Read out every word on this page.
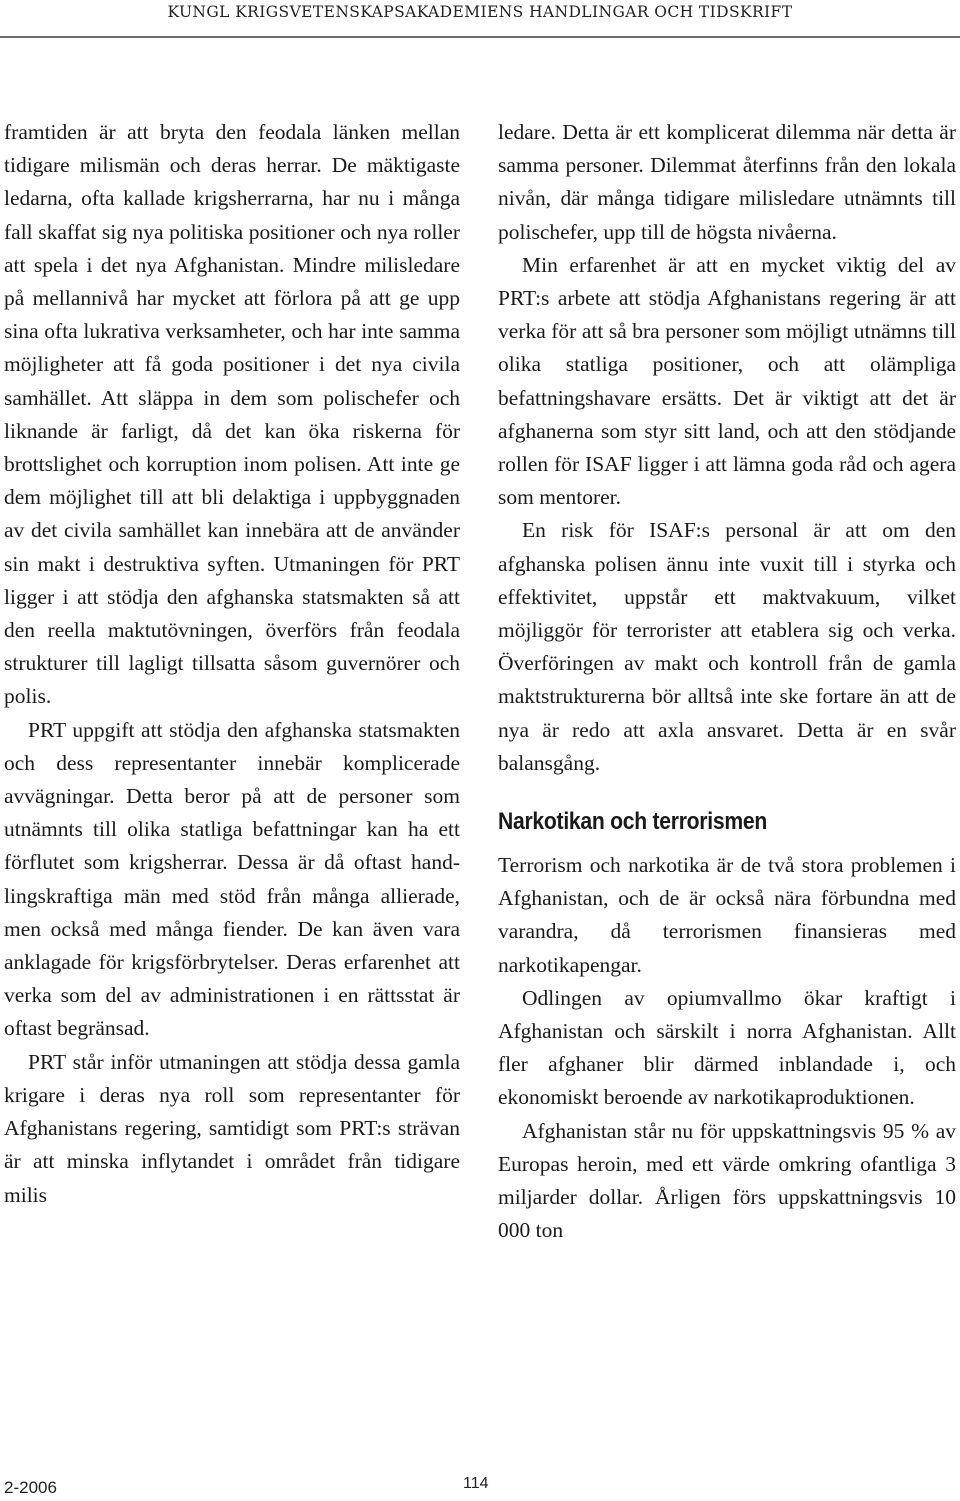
KUNGL KRIGSVETENSKAPSAKADEMIENS HANDLINGAR OCH TIDSKRIFT

framtiden är att bryta den feodala länken mellan tidigare milismän och deras herrar. De mäktigaste ledarna, ofta kallade krigsherrarna, har nu i många fall skaffat sig nya politiska positioner och nya roller att spela i det nya Afghanistan. Mindre milisledare på mellannivå har mycket att förlora på att ge upp sina ofta lukrativa verksamheter, och har inte samma möjligheter att få goda positioner i det nya civila samhället. Att släppa in dem som polischefer och liknande är farligt, då det kan öka riskerna för brottslighet och korruption inom polisen. Att inte ge dem möjlighet till att bli delaktiga i uppbyggnaden av det civila samhället kan innebära att de använder sin makt i destruktiva syften. Utmaningen för PRT ligger i att stödja den afghanska statsmakten så att den reella maktutövningen, överförs från feodala strukturer till lagligt tillsatta såsom guvernörer och polis.

PRT uppgift att stödja den afghanska statsmakten och dess representanter innebär komplicerade avvägningar. Detta beror på att de personer som utnämnts till olika statliga befattningar kan ha ett förflutet som krigsherrar. Dessa är då oftast handlingskraftiga män med stöd från många allierade, men också med många fiender. De kan även vara anklagade för krigsförbrytelser. Deras erfarenhet att verka som del av administrationen i en rättsstat är oftast begränsad.

PRT står inför utmaningen att stödja dessa gamla krigare i deras nya roll som representanter för Afghanistans regering, samtidigt som PRT:s strävan är att minska inflytandet i området från tidigare milis

ledare. Detta är ett komplicerat dilemma när detta är samma personer. Dilemmat återfinns från den lokala nivån, där många tidigare milisledare utnämnts till polischefer, upp till de högsta nivåerna.

Min erfarenhet är att en mycket viktig del av PRT:s arbete att stödja Afghanistans regering är att verka för att så bra personer som möjligt utnämns till olika statliga positioner, och att olämpliga befattningshavare ersätts. Det är viktigt att det är afghanerna som styr sitt land, och att den stödjande rollen för ISAF ligger i att lämna goda råd och agera som mentorer.

En risk för ISAF:s personal är att om den afghanska polisen ännu inte vuxit till i styrka och effektivitet, uppstår ett maktvakuum, vilket möjliggör för terrorister att etablera sig och verka. Överföringen av makt och kontroll från de gamla maktstrukturerna bör alltså inte ske fortare än att de nya är redo att axla ansvaret. Detta är en svår balansgång.

Narkotikan och terrorismen

Terrorism och narkotika är de två stora problemen i Afghanistan, och de är också nära förbundna med varandra, då terrorismen finansieras med narkotikapengar.

Odlingen av opiumvallmo ökar kraftigt i Afghanistan och särskilt i norra Afghanistan. Allt fler afghaner blir därmed inblandade i, och ekonomiskt beroende av narkotikaproduktionen.

Afghanistan står nu för uppskattningsvis 95 % av Europas heroin, med ett värde omkring ofantliga 3 miljarder dollar. Årligen förs uppskattningsvis 10 000 ton

2-2006	114
